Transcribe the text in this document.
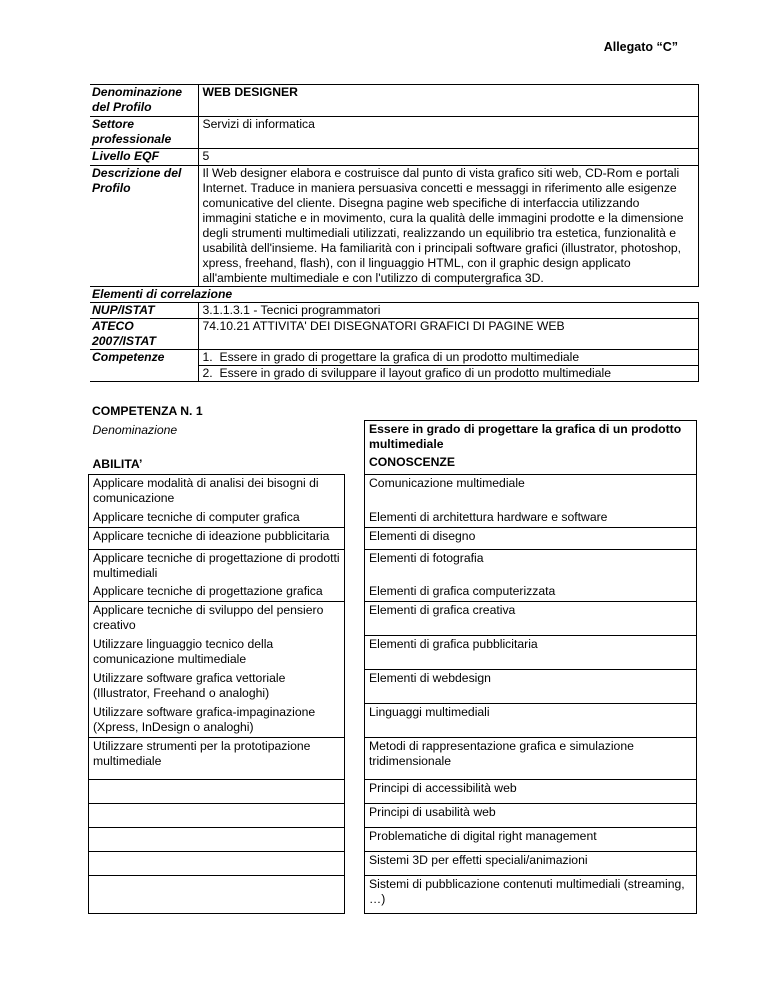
Allegato “C”
Denominazione del Profilo	WEB DESIGNER
Settore professionale	Servizi di informatica
Livello EQF	5
Descrizione del Profilo	Il Web designer elabora e costruisce dal punto di vista grafico siti web, CD-Rom e portali Internet. Traduce in maniera persuasiva concetti e messaggi in riferimento alle esigenze comunicative del cliente. Disegna pagine web specifiche di interfaccia utilizzando immagini statiche e in movimento, cura la qualità delle immagini prodotte e la dimensione degli strumenti multimediali utilizzati, realizzando un equilibrio tra estetica, funzionalità e usabilità dell'insieme. Ha familiarità con i principali software grafici (illustrator, photoshop, xpress, freehand, flash), con il linguaggio HTML, con il graphic design applicato all'ambiente multimediale e con l'utilizzo di computergrafica 3D.
Elementi di correlazione	
NUP/ISTAT	3.1.1.3.1 - Tecnici programmatori
ATECO 2007/ISTAT	74.10.21 ATTIVITA' DEI DISEGNATORI GRAFICI DI PAGINE WEB
Competenze	1.  Essere in grado di progettare la grafica di un prodotto multimediale
	2.  Essere in grado di sviluppare il layout grafico di un prodotto multimediale
COMPETENZA N. 1
Denominazione		Essere in grado di progettare la grafica di un prodotto multimediale
ABILITA’		CONOSCENZE
Applicare modalità di analisi dei bisogni di comunicazione		Comunicazione multimediale
Applicare tecniche di computer grafica		Elementi di architettura hardware e software
Applicare tecniche di ideazione pubblicitaria		Elementi di disegno
Applicare tecniche di progettazione di prodotti multimediali		Elementi di fotografia
Applicare tecniche di progettazione grafica		Elementi di grafica computerizzata
Applicare tecniche di sviluppo del pensiero creativo		Elementi di grafica creativa
Utilizzare linguaggio tecnico della comunicazione multimediale		Elementi di grafica pubblicitaria
Utilizzare software grafica vettoriale (Illustrator, Freehand o analoghi)		Elementi di webdesign
Utilizzare software grafica-impaginazione (Xpress, InDesign o analoghi)		Linguaggi multimediali
Utilizzare strumenti per la prototipazione multimediale		Metodi di rappresentazione grafica e simulazione tridimensionale
		Principi di accessibilità web
		Principi di usabilità web
		Problematiche di digital right management
		Sistemi 3D per effetti speciali/animazioni
		Sistemi di pubblicazione contenuti multimediali (streaming, …)
